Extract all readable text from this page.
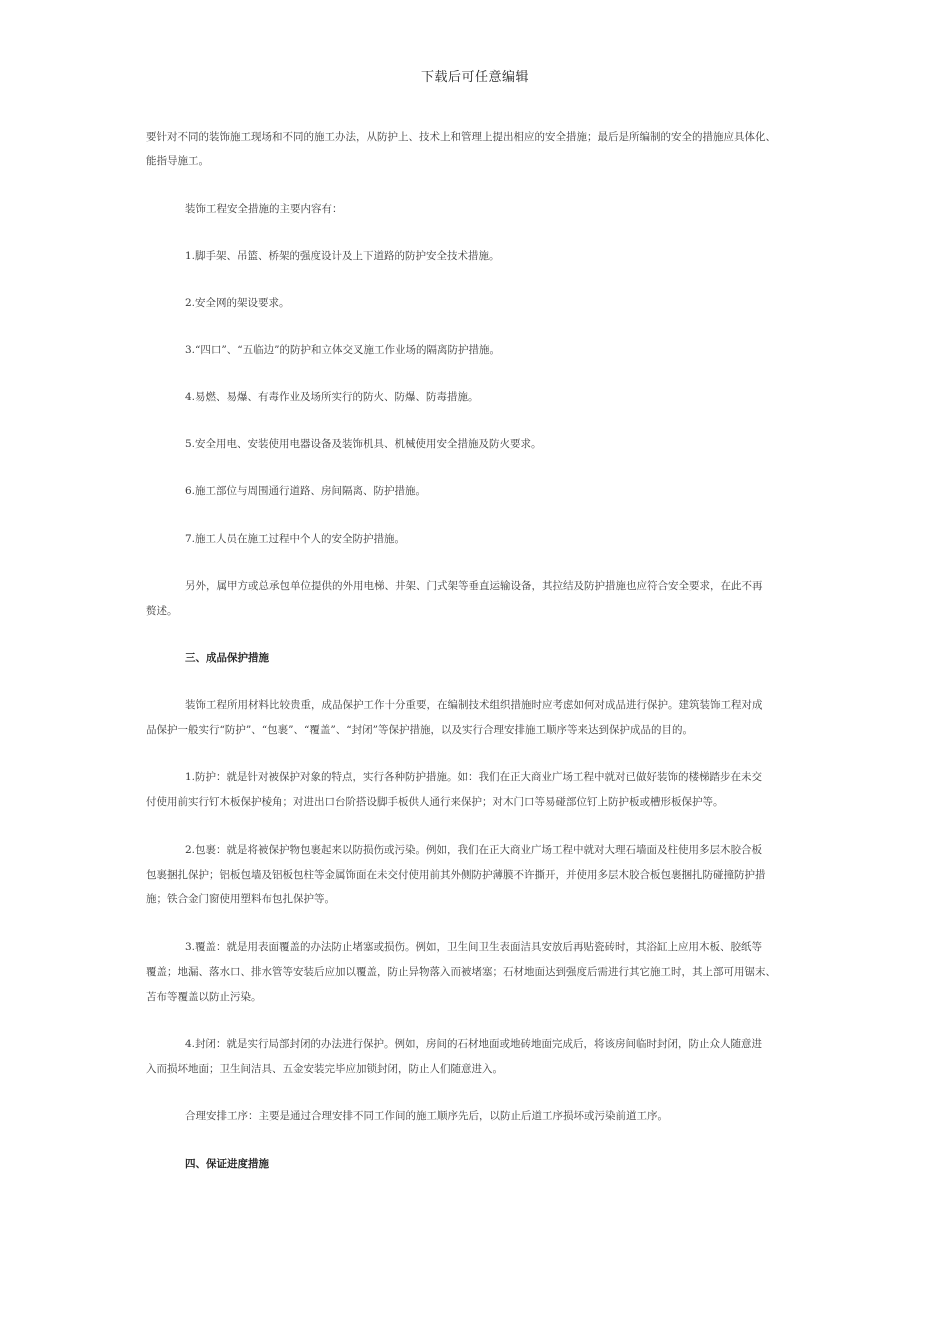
下载后可任意编辑
要针对不同的装饰施工现场和不同的施工办法，从防护上、技术上和管理上提出相应的安全措施；最后是所编制的安全的措施应具体化、
能指导施工。
装饰工程安全措施的主要内容有：
1.脚手架、吊篮、桥架的强度设计及上下道路的防护安全技术措施。
2.安全网的架设要求。
3.“四口”、“五临边”的防护和立体交叉施工作业场的隔离防护措施。
4.易燃、易爆、有毒作业及场所实行的防火、防爆、防毒措施。
5.安全用电、安装使用电器设备及装饰机具、机械使用安全措施及防火要求。
6.施工部位与周围通行道路、房间隔离、防护措施。
7.施工人员在施工过程中个人的安全防护措施。
另外，属甲方或总承包单位提供的外用电梯、井架、门式架等垂直运输设备，其拉结及防护措施也应符合安全要求，在此不再
赘述。
三、成品保护措施
装饰工程所用材料比较贵重，成品保护工作十分重要，在编制技术组织措施时应考虑如何对成品进行保护。建筑装饰工程对成
品保护一般实行“防护”、“包裹”、“覆盖”、“封闭”等保护措施，以及实行合理安排施工顺序等来达到保护成品的目的。
1.防护：就是针对被保护对象的特点，实行各种防护措施。如：我们在正大商业广场工程中就对已做好装饰的楼梯踏步在未交
付使用前实行钉木板保护棱角；对进出口台阶搭设脚手板供人通行来保护；对木门口等易碰部位钉上防护板或槽形板保护等。
2.包裹：就是将被保护物包裹起来以防损伤或污染。例如，我们在正大商业广场工程中就对大理石墙面及柱使用多层木胶合板
包裹捆扎保护；铝板包墙及铝板包柱等金属饰面在未交付使用前其外侧防护薄膜不许撕开，并使用多层木胶合板包裹捆扎防碰撞防护措
施；铁合金门窗使用塑料布包扎保护等。
3.覆盖：就是用表面覆盖的办法防止堵塞或损伤。例如，卫生间卫生表面洁具安放后再贴瓷砖时，其浴缸上应用木板、胶纸等
覆盖；地漏、落水口、排水管等安装后应加以覆盖，防止异物落入而被堵塞；石材地面达到强度后需进行其它施工时，其上部可用锯末、
苫布等覆盖以防止污染。
4.封闭：就是实行局部封闭的办法进行保护。例如，房间的石材地面或地砖地面完成后，将该房间临时封闭，防止众人随意进
入而损坏地面；卫生间洁具、五金安装完毕应加锁封闭，防止人们随意进入。
合理安排工序：主要是通过合理安排不同工作间的施工顺序先后，以防止后道工序损坏或污染前道工序。
四、保证进度措施
